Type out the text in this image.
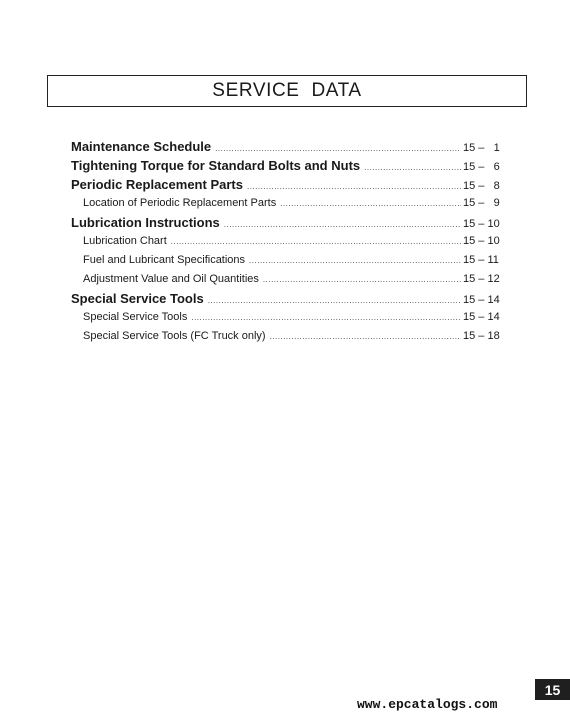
SERVICE DATA
Maintenance Schedule .....	15 –   1
Tightening Torque for Standard Bolts and Nuts .....	15 –   6
Periodic Replacement Parts .....	15 –   8
Location of Periodic Replacement Parts .....	15 –   9
Lubrication Instructions .....	15 – 10
Lubrication Chart .....	15 – 10
Fuel and Lubricant Specifications .....	15 – 11
Adjustment Value and Oil Quantities .....	15 – 12
Special Service Tools .....	15 – 14
Special Service Tools .....	15 – 14
Special Service Tools (FC Truck only) .....	15 – 18
15
www.epcatalogs.com
